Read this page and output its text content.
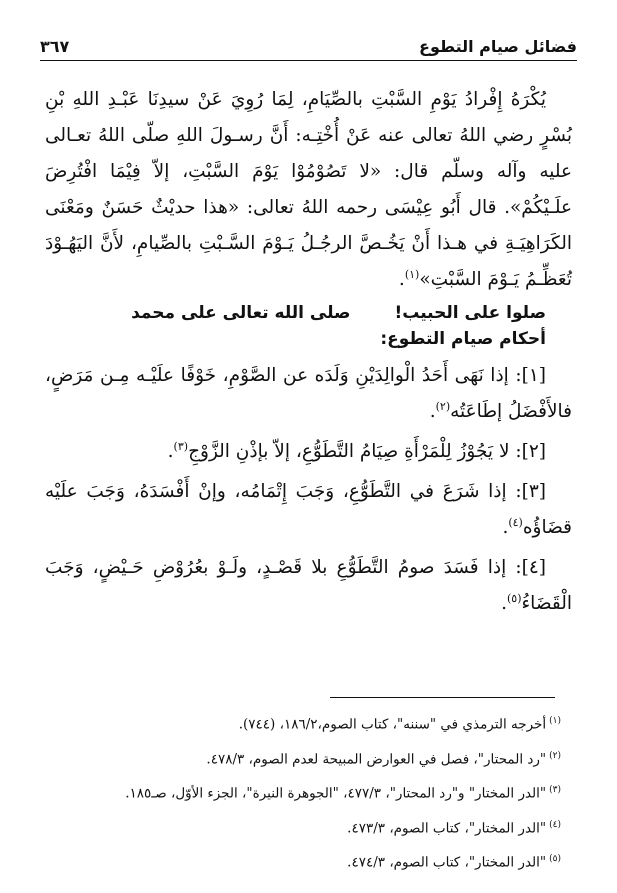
فضائل صيام التطوع
٣٦٧

يُكْرَهُ إِفْرادُ يَوْمِ السَّبْتِ بالصِّيَامِ، لِمَا رُوِيَ عَنْ سيدِنَا عَبْـدِ اللهِ بْنِ بُسْرٍ رضي اللهُ تعالى عنه عَنْ أُخْتِـه: أَنَّ رسـولَ اللهِ صلّى اللهُ تعـالى عليه وآله وسلّم قال: «لا تَصُوْمُوْا يَوْمَ السَّبْتِ، إلاّ فِيْمَا افْتُرِضَ علَـيْكُمْ». قال أَبُو عِيْسَى رحمه اللهُ تعالى: «هذا حديْثٌ حَسَنٌ ومَعْنَى الكَرَاهِيَـةِ في هـذا أَنْ يَخُـصَّ الرجُـلُ يَـوْمَ السَّـبْتِ بالصِّيامِ، لأَنَّ اليَهُـوْدَ تُعَظِّـمُ يَـوْمَ السَّبْتِ»$^{(١)}$.

صلوا على الحبيب!
صلى الله تعالى على محمد
أحكام صيام التطوع:

[١]: إذا نَهَى أَحَدُ الْوالِدَيْنِ وَلَدَه عن الصَّوْمِ، خَوْفًا علَيْـه مِـن مَرَضٍ، فالأَفْضَلُ إطَاعَتُه$^{(٢)}$.

[٢]: لا يَجُوْزُ لِلْمَرْأَةِ صِيَامُ التَّطَوُّعِ، إلاّ بإذْنِ الزَّوْجِ$^{(٣)}$.

[٣]: إذا شَرَعَ في التَّطَوُّعِ، وَجَبَ إِتْمَامُه، وإنْ أَفْسَدَهُ، وَجَبَ علَيْه قضَاؤُه$^{(٤)}$.

[٤]: إذا فَسَدَ صومُ التَّطَوُّعِ بلا قَصْـدٍ، ولَـوْ بعُرُوْضِ حَـيْضٍ، وَجَبَ الْقَضَاءُ$^{(٥)}$.

$^{(١)}$أخرجه الترمذي في "سننه"، كتاب الصوم،١٨٦/٢، (٧٤٤).
$^{(٢)}$"رد المحتار"، فصل في العوارض المبيحة لعدم الصوم، ٤٧٨/٣.
$^{(٣)}$"الدر المختار" و"رد المحتار"، ٤٧٧/٣، "الجوهرة النيرة"، الجزء الأوّل، صـ١٨٥.
$^{(٤)}$"الدر المختار"، كتاب الصوم، ٤٧٣/٣.
$^{(٥)}$"الدر المختار"، كتاب الصوم، ٤٧٤/٣.
